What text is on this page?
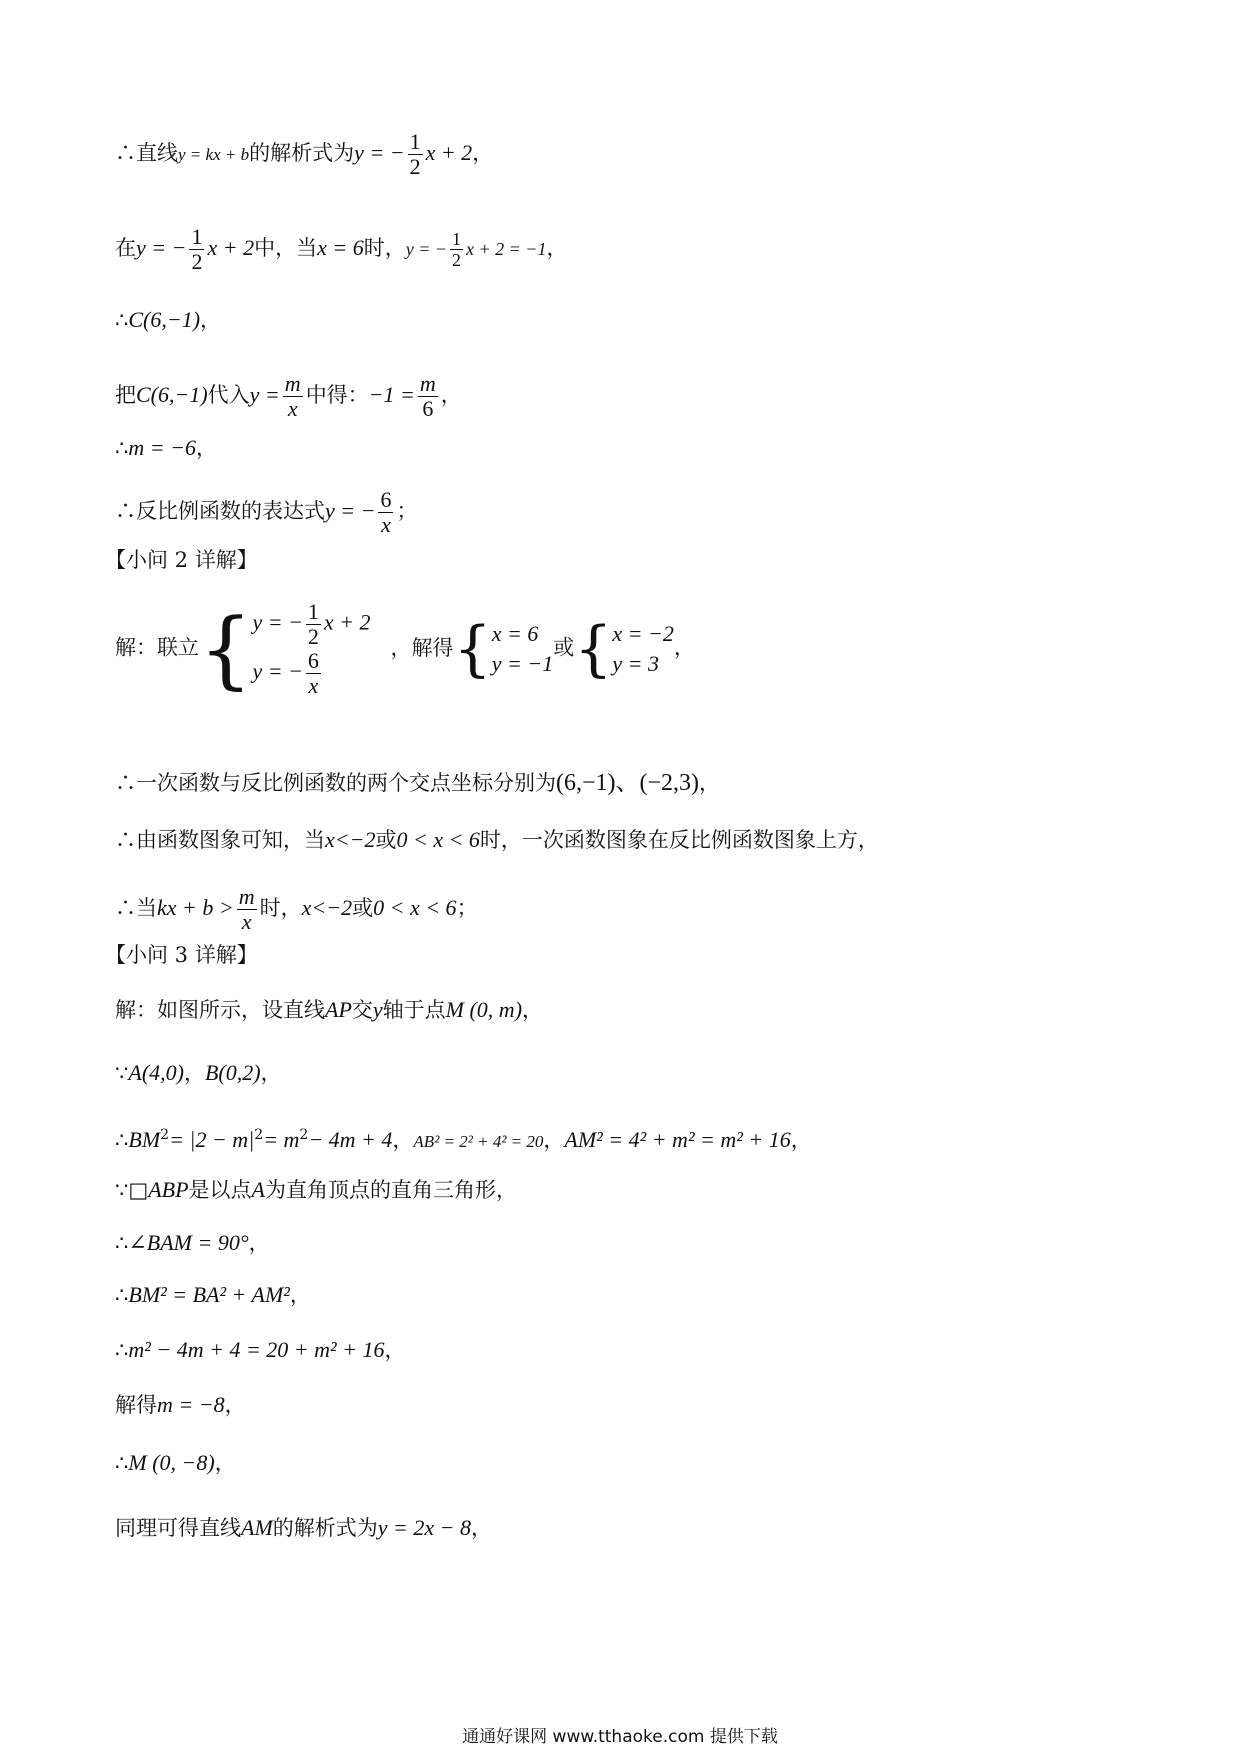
∴直线y = kx + b的解析式为y = − $\frac{1}{2}$ x + 2，
在y = − $\frac{1}{2}$ x + 2中，当x = 6时，y = − $\frac{1}{2}$ x + 2 = −1，
∴C(6,−1)，
把C(6,−1)代入$y = \frac{m}{x}$ 中得：$-1 = \frac{m}{6}$ ，
∴m = −6，
∴反比例函数的表达式y = − $\frac{6}{x}$ ；
【小问 2 详解】
解：联立{ y = − $\frac{1}{2}$ x + 2
y = − $\frac{6}{x}$
，解得{ x = 6
y = −1
或{ x = −2
y = 3
，
∴一次函数与反比例函数的两个交点坐标分别为(6,−1)、(−2,3)，
∴由函数图象可知，当x<−2或0 < x < 6时，一次函数图象在反比例函数图象上方，
∴当kx + $b > \frac{m}{x}$ 时，x<−2或0 < x < 6；
【小问 3 详解】
解：如图所示，设直线AP交y轴于点M (0, m)，
∵A(4,0)，B(0,2)，
$\therefore BM^2= |2 - m|^2= m^2- 4m + 4$，AB² = 2² + 4² = 20，AM² = 4² + m² = m² + 16，
∵□ABP是以点A为直角顶点的直角三角形，
∴∠BAM = 90°，
∴BM² = BA² + AM²，
∴m² − 4m + 4 = 20 + m² + 16，
解得m = −8，
∴M (0, −8)，
同理可得直线AM的解析式为y = 2x − 8，
通通好课网 www.tthaoke.com 提供下载
